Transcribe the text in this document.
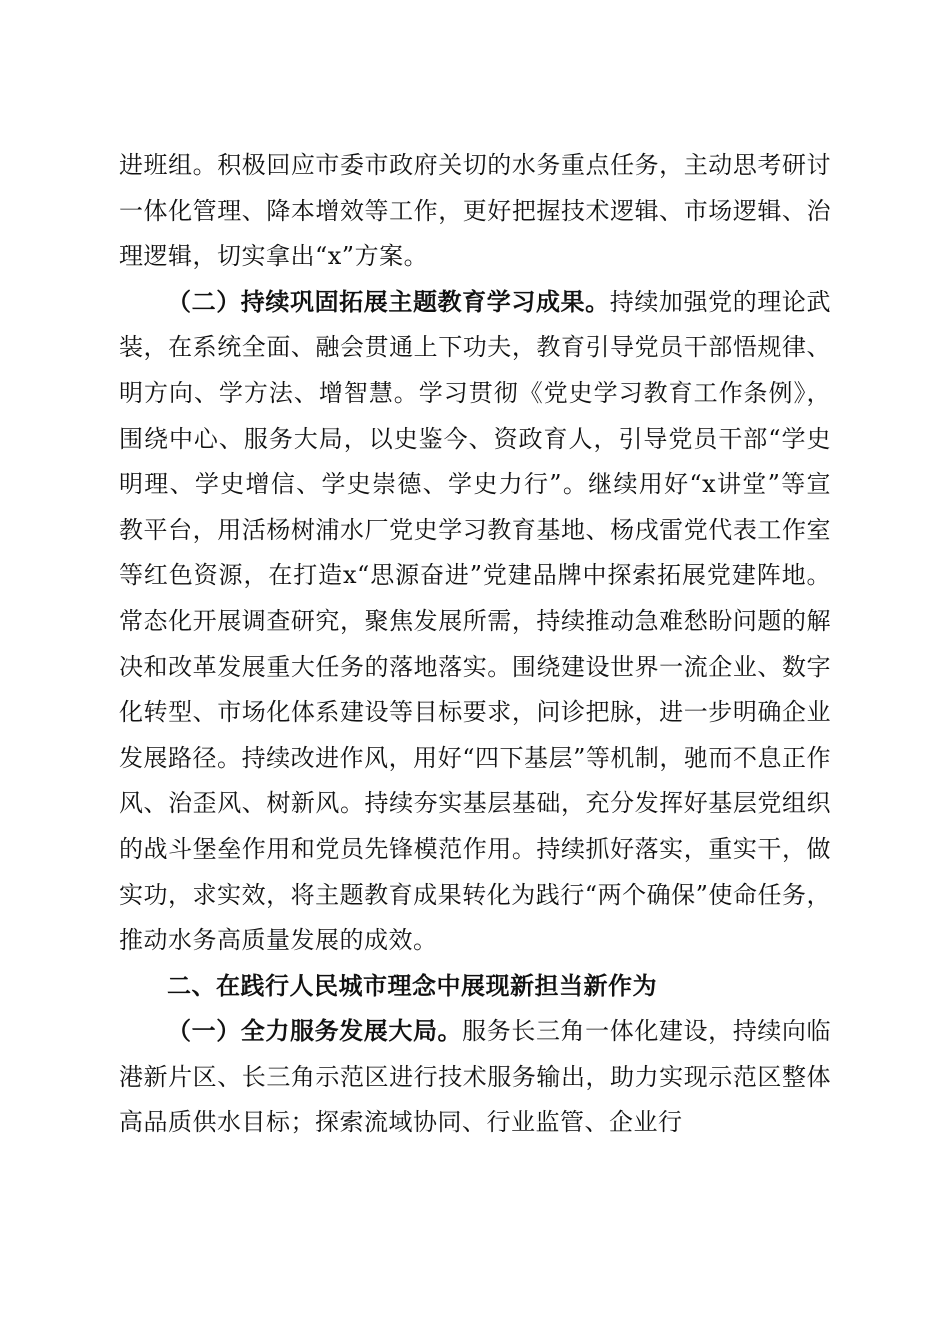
进班组。积极回应市委市政府关切的水务重点任务，主动思考研讨一体化管理、降本增效等工作，更好把握技术逻辑、市场逻辑、治理逻辑，切实拿出“x”方案。

（二）持续巩固拓展主题教育学习成果。持续加强党的理论武装，在系统全面、融会贯通上下功夫，教育引导党员干部悟规律、明方向、学方法、增智慧。学习贯彻《党史学习教育工作条例》，围绕中心、服务大局，以史鉴今、资政育人，引导党员干部“学史明理、学史增信、学史崇德、学史力行”。继续用好“x讲堂”等宣教平台，用活杨树浦水厂党史学习教育基地、杨戌雷党代表工作室等红色资源，在打造x“思源奋进”党建品牌中探索拓展党建阵地。常态化开展调查研究，聚焦发展所需，持续推动急难愁盼问题的解决和改革发展重大任务的落地落实。围绕建设世界一流企业、数字化转型、市场化体系建设等目标要求，问诊把脉，进一步明确企业发展路径。持续改进作风，用好“四下基层”等机制，驰而不息正作风、治歪风、树新风。持续夯实基层基础，充分发挥好基层党组织的战斗堡垒作用和党员先锋模范作用。持续抓好落实，重实干，做实功，求实效，将主题教育成果转化为践行“两个确保”使命任务，推动水务高质量发展的成效。

二、在践行人民城市理念中展现新担当新作为

（一）全力服务发展大局。服务长三角一体化建设，持续向临港新片区、长三角示范区进行技术服务输出，助力实现示范区整体高品质供水目标；探索流域协同、行业监管、企业行
